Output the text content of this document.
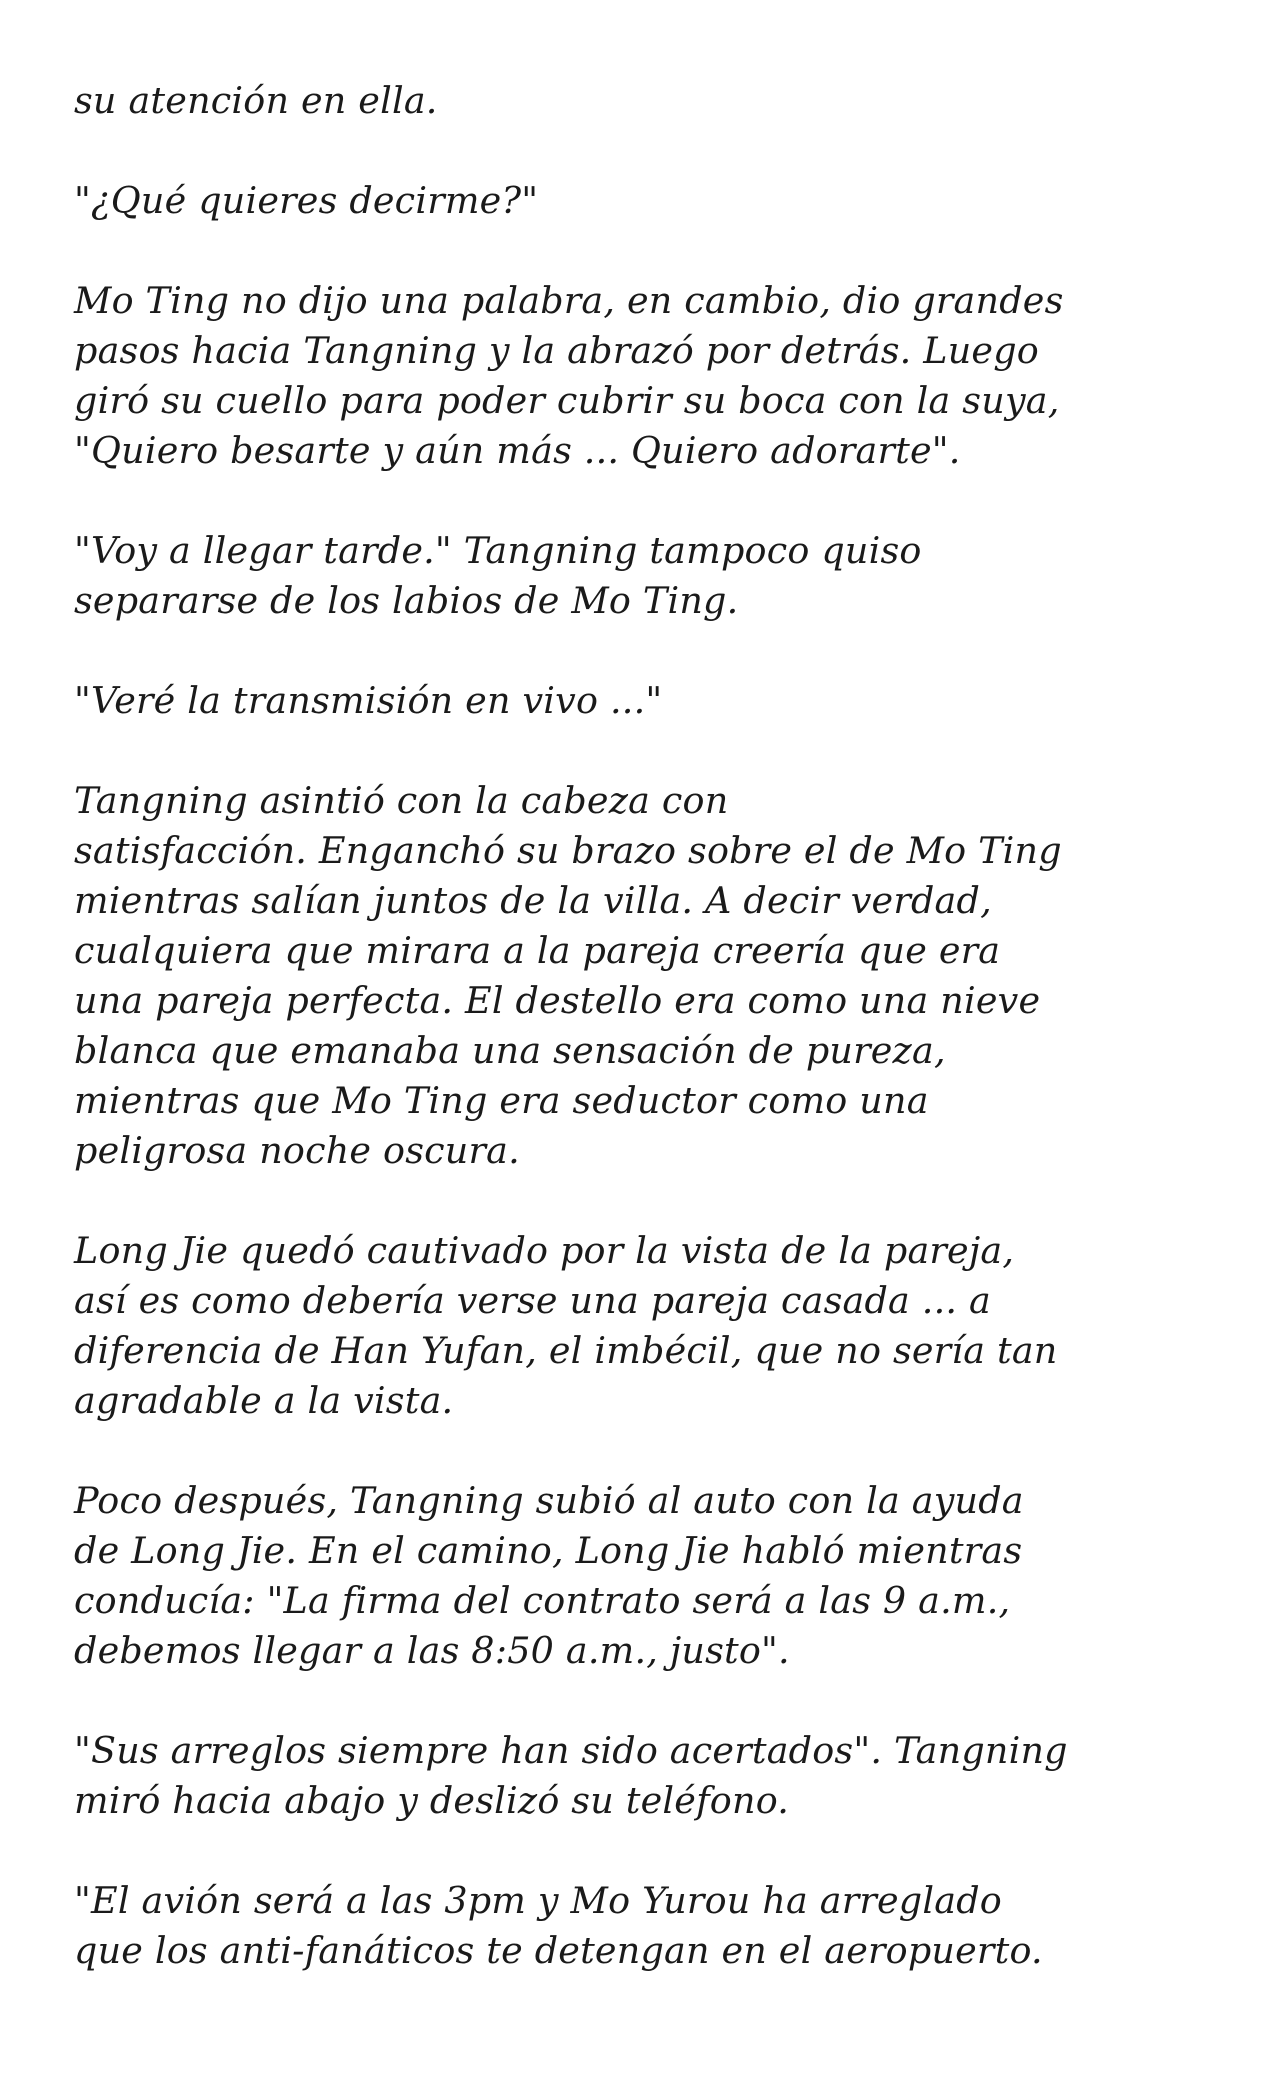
su atención en ella.

"¿Qué quieres decirme?"

Mo Ting no dijo una palabra, en cambio, dio grandes
pasos hacia Tangning y la abrazó por detrás. Luego
giró su cuello para poder cubrir su boca con la suya,
"Quiero besarte y aún más ... Quiero adorarte".

"Voy a llegar tarde." Tangning tampoco quiso
separarse de los labios de Mo Ting.

"Veré la transmisión en vivo ..."

Tangning asintió con la cabeza con
satisfacción. Enganchó su brazo sobre el de Mo Ting
mientras salían juntos de la villa. A decir verdad,
cualquiera que mirara a la pareja creería que era
una pareja perfecta. El destello era como una nieve
blanca que emanaba una sensación de pureza,
mientras que Mo Ting era seductor como una
peligrosa noche oscura.

Long Jie quedó cautivado por la vista de la pareja,
así es como debería verse una pareja casada ... a
diferencia de Han Yufan, el imbécil, que no sería tan
agradable a la vista.

Poco después, Tangning subió al auto con la ayuda
de Long Jie. En el camino, Long Jie habló mientras
conducía: "La firma del contrato será a las 9 a.m.,
debemos llegar a las 8:50 a.m., justo".

"Sus arreglos siempre han sido acertados". Tangning
miró hacia abajo y deslizó su teléfono.

"El avión será a las 3pm y Mo Yurou ha arreglado
que los anti-fanáticos te detengan en el aeropuerto.
